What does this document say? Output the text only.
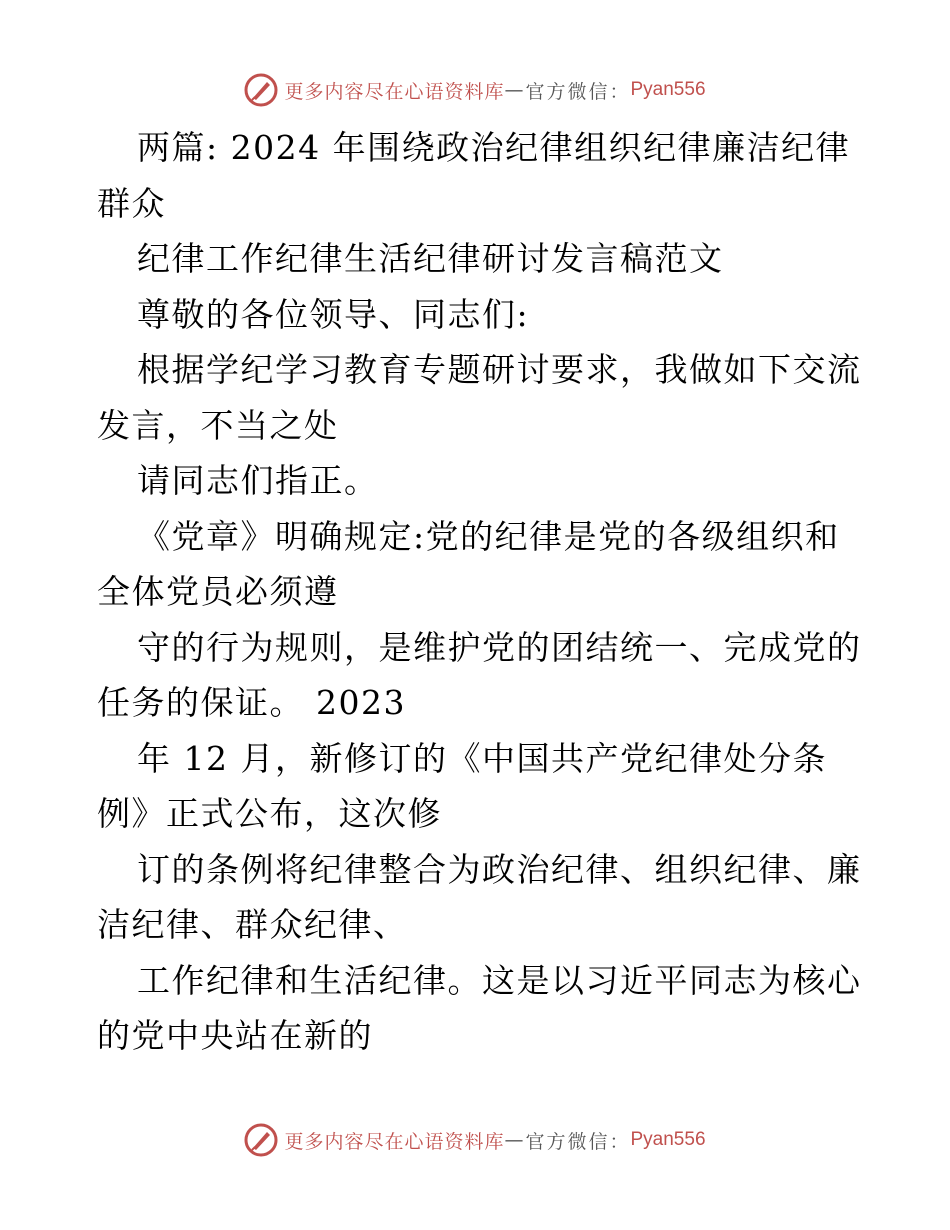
更多内容尽在心语资料库 — 官方微信： Pyan556
两篇: 2024 年围绕政治纪律组织纪律廉洁纪律
群众
纪律工作纪律生活纪律研讨发言稿范文
尊敬的各位领导、同志们:
根据学纪学习教育专题研讨要求，我做如下交流
发言，不当之处
请同志们指正。
《党章》明确规定:党的纪律是党的各级组织和
全体党员必须遵
守的行为规则，是维护党的团结统一、完成党的
任务的保证。 2023
年 12 月，新修订的《中国共产党纪律处分条
例》正式公布，这次修
订的条例将纪律整合为政治纪律、组织纪律、廉
洁纪律、群众纪律、
工作纪律和生活纪律。这是以习近平同志为核心
的党中央站在新的
更多内容尽在心语资料库 — 官方微信： Pyan556
